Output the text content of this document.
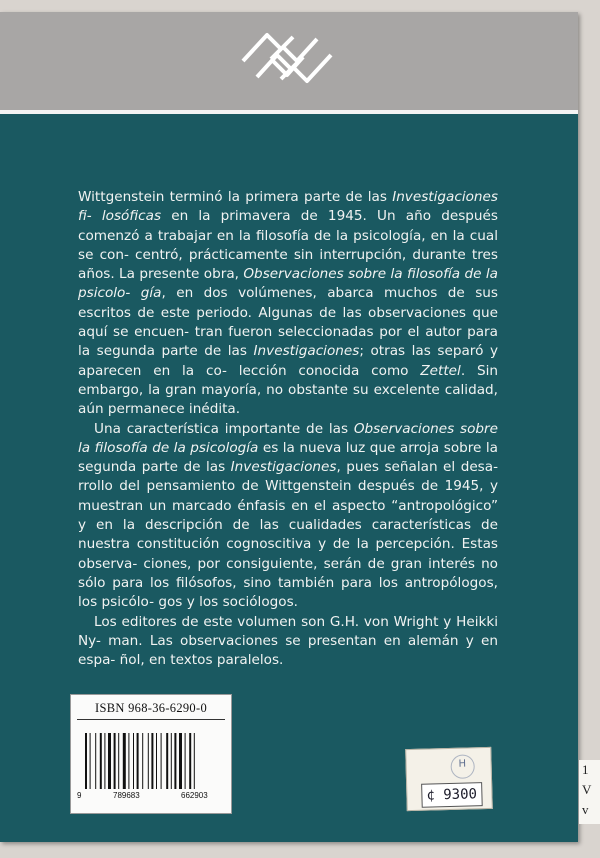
Wittgenstein terminó la primera parte de las Investigaciones fi- losóficas en la primavera de 1945. Un año después comenzó a trabajar en la filosofía de la psicología, en la cual se con- centró, prácticamente sin interrupción, durante tres años. La presente obra, Observaciones sobre la filosofía de la psicolo- gía, en dos volúmenes, abarca muchos de sus escritos de este periodo. Algunas de las observaciones que aquí se encuen- tran fueron seleccionadas por el autor para la segunda parte de las Investigaciones; otras las separó y aparecen en la co- lección conocida como Zettel. Sin embargo, la gran mayoría, no obstante su excelente calidad, aún permanece inédita.

Una característica importante de las Observaciones sobre la filosofía de la psicología es la nueva luz que arroja sobre la segunda parte de las Investigaciones, pues señalan el desa- rrollo del pensamiento de Wittgenstein después de 1945, y muestran un marcado énfasis en el aspecto “antropológico” y en la descripción de las cualidades características de nuestra constitución cognoscitiva y de la percepción. Estas observa- ciones, por consiguiente, serán de gran interés no sólo para los filósofos, sino también para los antropólogos, los psicólo- gos y los sociólogos.

Los editores de este volumen son G.H. von Wright y Heikki Ny- man. Las observaciones se presentan en alemán y en espa- ñol, en textos paralelos.

ISBN 968-36-6290-0
9	789683	662903
H
¢ 9300
1
V
v
